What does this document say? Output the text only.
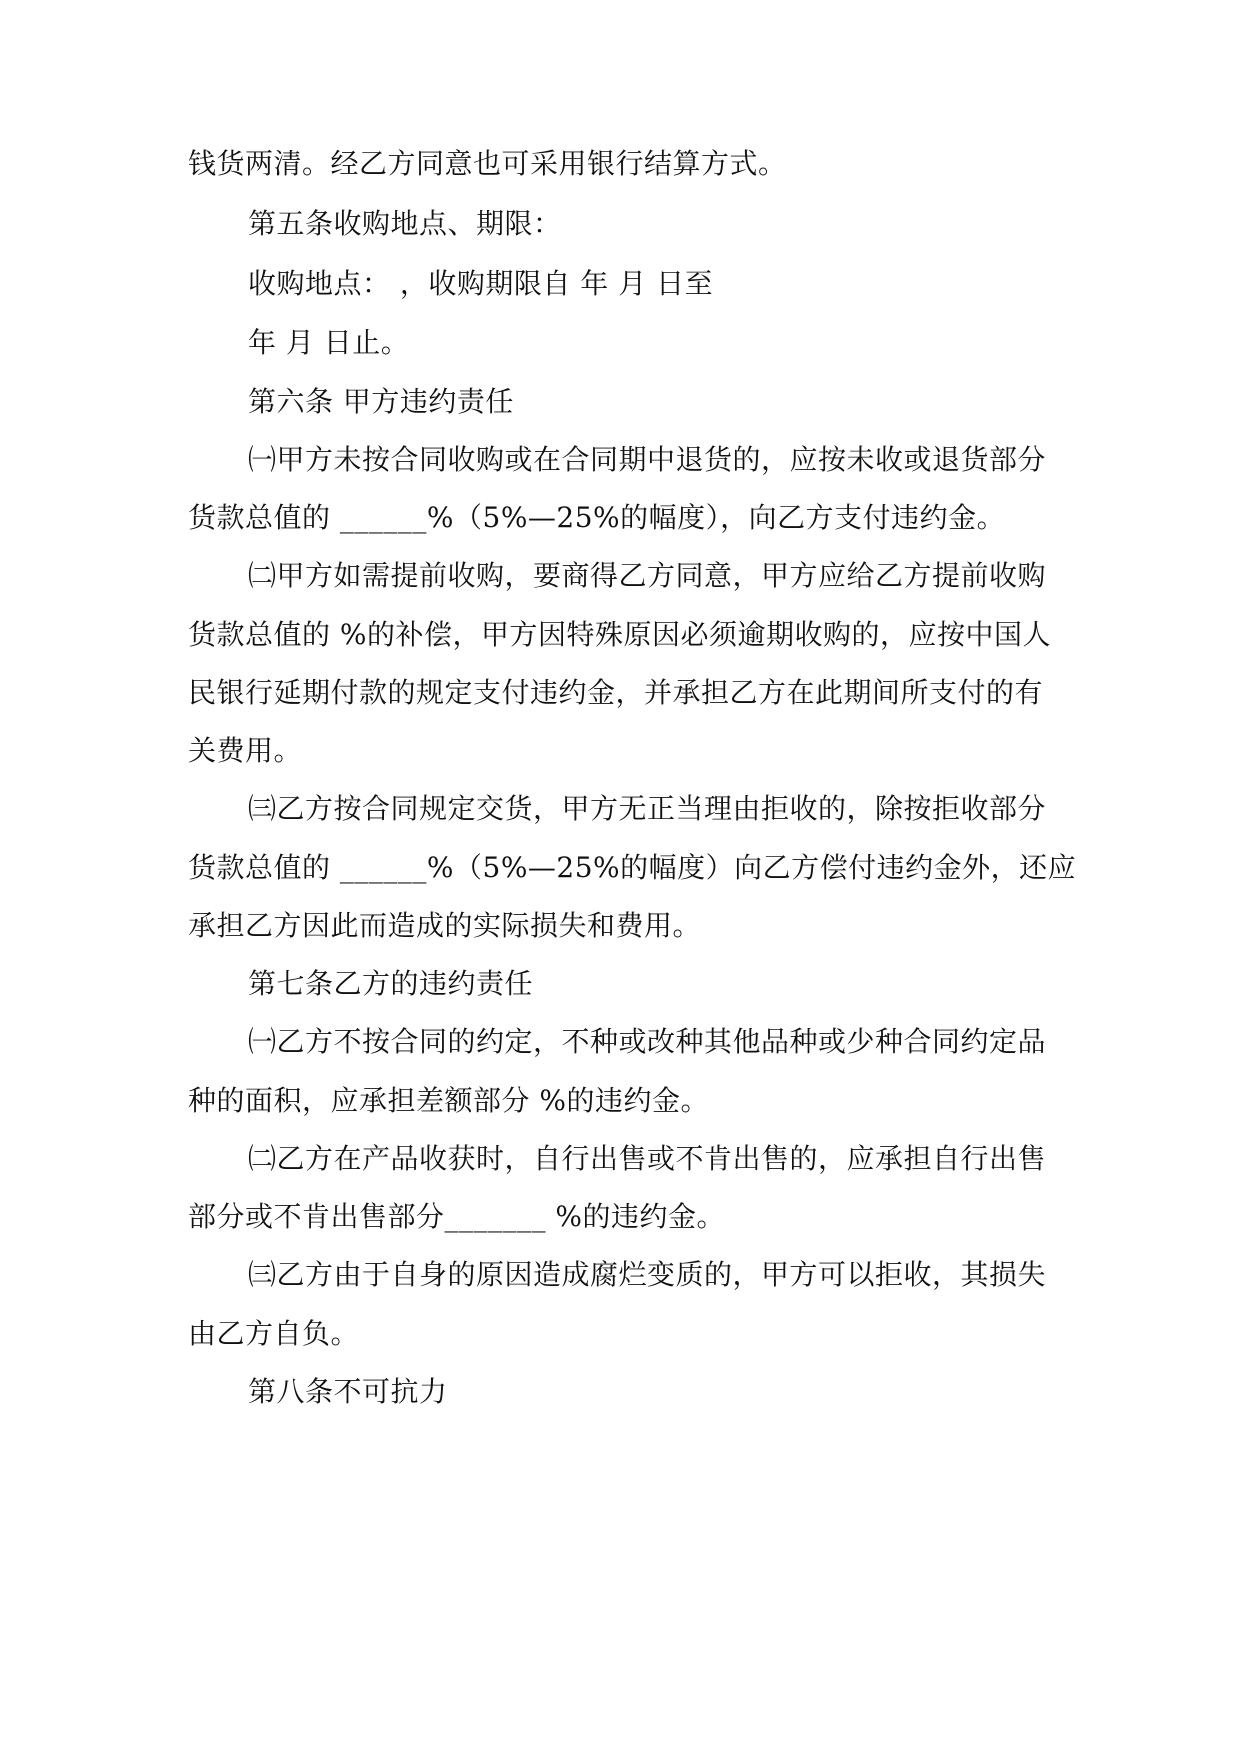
钱货两清。经乙方同意也可采用银行结算方式。
第五条收购地点、期限：
收购地点： ，收购期限自 年 月 日至
年 月 日止。
第六条 甲方违约责任
㈠甲方未按合同收购或在合同期中退货的，应按未收或退货部分
货款总值的 ______%（5%—25%的幅度），向乙方支付违约金。
㈡甲方如需提前收购，要商得乙方同意，甲方应给乙方提前收购
货款总值的 %的补偿，甲方因特殊原因必须逾期收购的，应按中国人
民银行延期付款的规定支付违约金，并承担乙方在此期间所支付的有
关费用。
㈢乙方按合同规定交货，甲方无正当理由拒收的，除按拒收部分
货款总值的 ______%（5%—25%的幅度）向乙方偿付违约金外，还应
承担乙方因此而造成的实际损失和费用。
第七条乙方的违约责任
㈠乙方不按合同的约定，不种或改种其他品种或少种合同约定品
种的面积，应承担差额部分 %的违约金。
㈡乙方在产品收获时，自行出售或不肯出售的，应承担自行出售
部分或不肯出售部分_______ %的违约金。
㈢乙方由于自身的原因造成腐烂变质的，甲方可以拒收，其损失
由乙方自负。
第八条不可抗力
